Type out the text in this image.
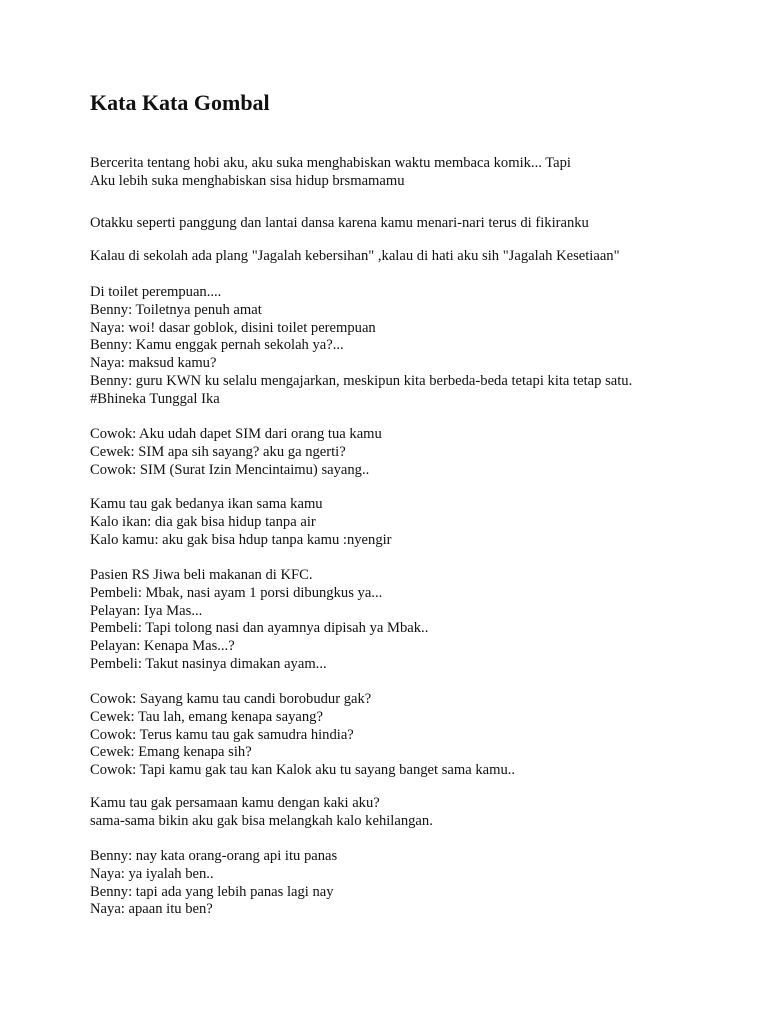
Kata Kata Gombal
Bercerita tentang hobi aku, aku suka menghabiskan waktu membaca komik... Tapi
Aku lebih suka menghabiskan sisa hidup brsmamamu
Otakku seperti panggung dan lantai dansa karena kamu menari-nari terus di fikiranku
Kalau di sekolah ada plang "Jagalah kebersihan" ,kalau di hati aku sih "Jagalah Kesetiaan"
Di toilet perempuan....
Benny: Toiletnya penuh amat
Naya: woi! dasar goblok, disini toilet perempuan
Benny: Kamu enggak pernah sekolah ya?...
Naya: maksud kamu?
Benny: guru KWN ku selalu mengajarkan, meskipun kita berbeda-beda tetapi kita tetap satu.
#Bhineka Tunggal Ika
Cowok: Aku udah dapet SIM dari orang tua kamu
Cewek: SIM apa sih sayang? aku ga ngerti?
Cowok: SIM (Surat Izin Mencintaimu) sayang..
Kamu tau gak bedanya ikan sama kamu
Kalo ikan: dia gak bisa hidup tanpa air
Kalo kamu: aku gak bisa hdup tanpa kamu :nyengir
Pasien RS Jiwa beli makanan di KFC.
Pembeli: Mbak, nasi ayam 1 porsi dibungkus ya...
Pelayan: Iya Mas...
Pembeli: Tapi tolong nasi dan ayamnya dipisah ya Mbak..
Pelayan: Kenapa Mas...?
Pembeli: Takut nasinya dimakan ayam...
Cowok: Sayang kamu tau candi borobudur gak?
Cewek: Tau lah, emang kenapa sayang?
Cowok: Terus kamu tau gak samudra hindia?
Cewek: Emang kenapa sih?
Cowok: Tapi kamu gak tau kan Kalok aku tu sayang banget sama kamu..
Kamu tau gak persamaan kamu dengan kaki aku?
sama-sama bikin aku gak bisa melangkah kalo kehilangan.
Benny: nay kata orang-orang api itu panas
Naya: ya iyalah ben..
Benny: tapi ada yang lebih panas lagi nay
Naya: apaan itu ben?
